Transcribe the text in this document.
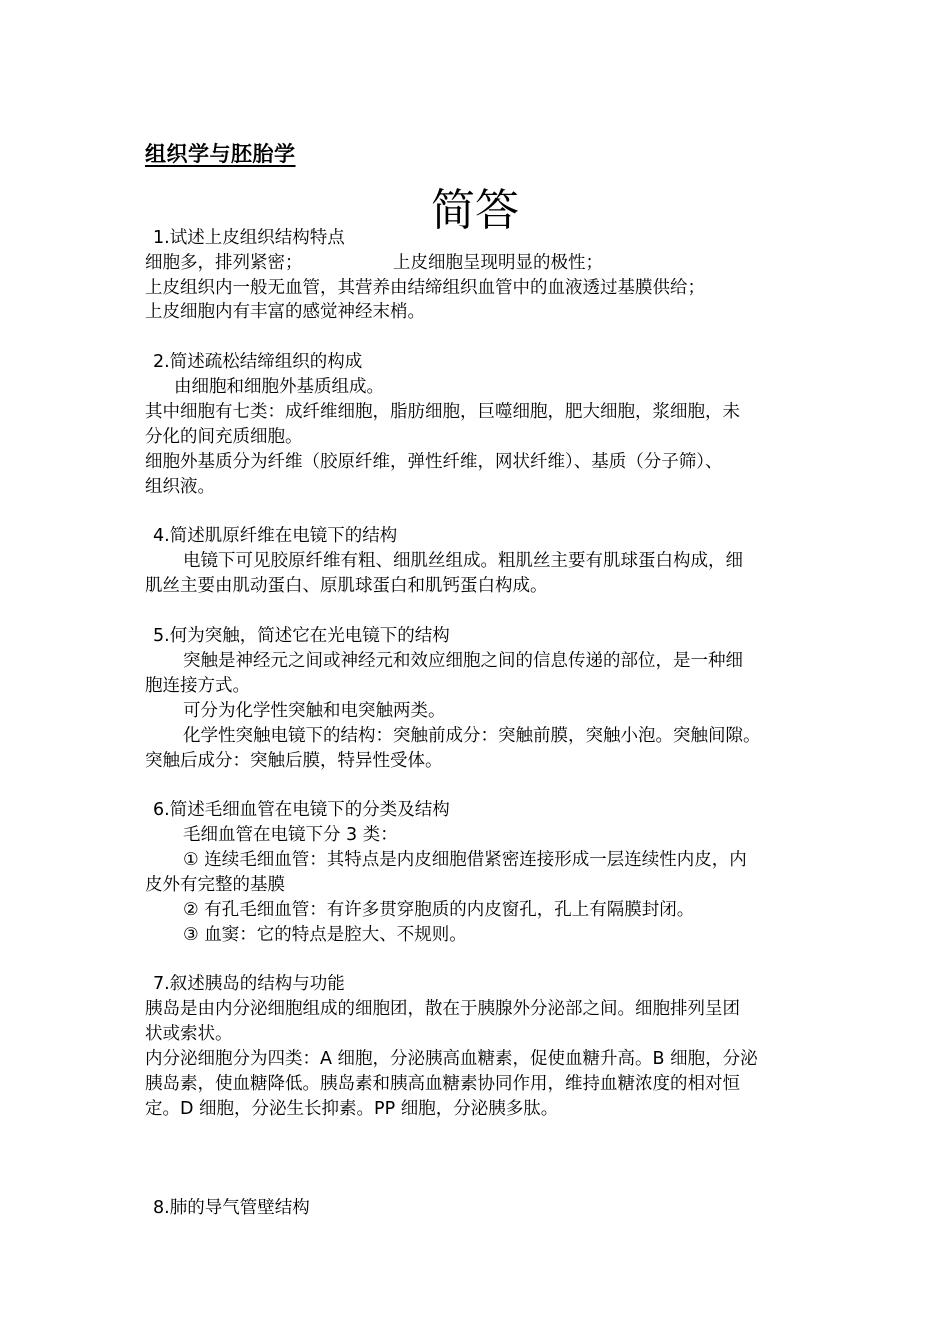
组织学与胚胎学
简答
1.试述上皮组织结构特点
细胞多，排列紧密；	上皮细胞呈现明显的极性；
上皮组织内一般无血管，其营养由结缔组织血管中的血液透过基膜供给；
上皮细胞内有丰富的感觉神经末梢。
2.简述疏松结缔组织的构成
由细胞和细胞外基质组成。
其中细胞有七类：成纤维细胞，脂肪细胞，巨噬细胞，肥大细胞，浆细胞，未
分化的间充质细胞。
细胞外基质分为纤维（胶原纤维，弹性纤维，网状纤维）、基质（分子筛）、
组织液。
4.简述肌原纤维在电镜下的结构
电镜下可见胶原纤维有粗、细肌丝组成。粗肌丝主要有肌球蛋白构成，细
肌丝主要由肌动蛋白、原肌球蛋白和肌钙蛋白构成。
5.何为突触，简述它在光电镜下的结构
突触是神经元之间或神经元和效应细胞之间的信息传递的部位，是一种细
胞连接方式。
可分为化学性突触和电突触两类。
化学性突触电镜下的结构：突触前成分：突触前膜，突触小泡。突触间隙。
突触后成分：突触后膜，特异性受体。
6.简述毛细血管在电镜下的分类及结构
毛细血管在电镜下分 3 类：
① 连续毛细血管：其特点是内皮细胞借紧密连接形成一层连续性内皮，内
皮外有完整的基膜
② 有孔毛细血管：有许多贯穿胞质的内皮窗孔，孔上有隔膜封闭。
③ 血窦：它的特点是腔大、不规则。
7.叙述胰岛的结构与功能
胰岛是由内分泌细胞组成的细胞团，散在于胰腺外分泌部之间。细胞排列呈团
状或索状。
内分泌细胞分为四类：A 细胞，分泌胰高血糖素，促使血糖升高。B 细胞，分泌
胰岛素，使血糖降低。胰岛素和胰高血糖素协同作用，维持血糖浓度的相对恒
定。D 细胞，分泌生长抑素。PP 细胞，分泌胰多肽。
8.肺的导气管壁结构
